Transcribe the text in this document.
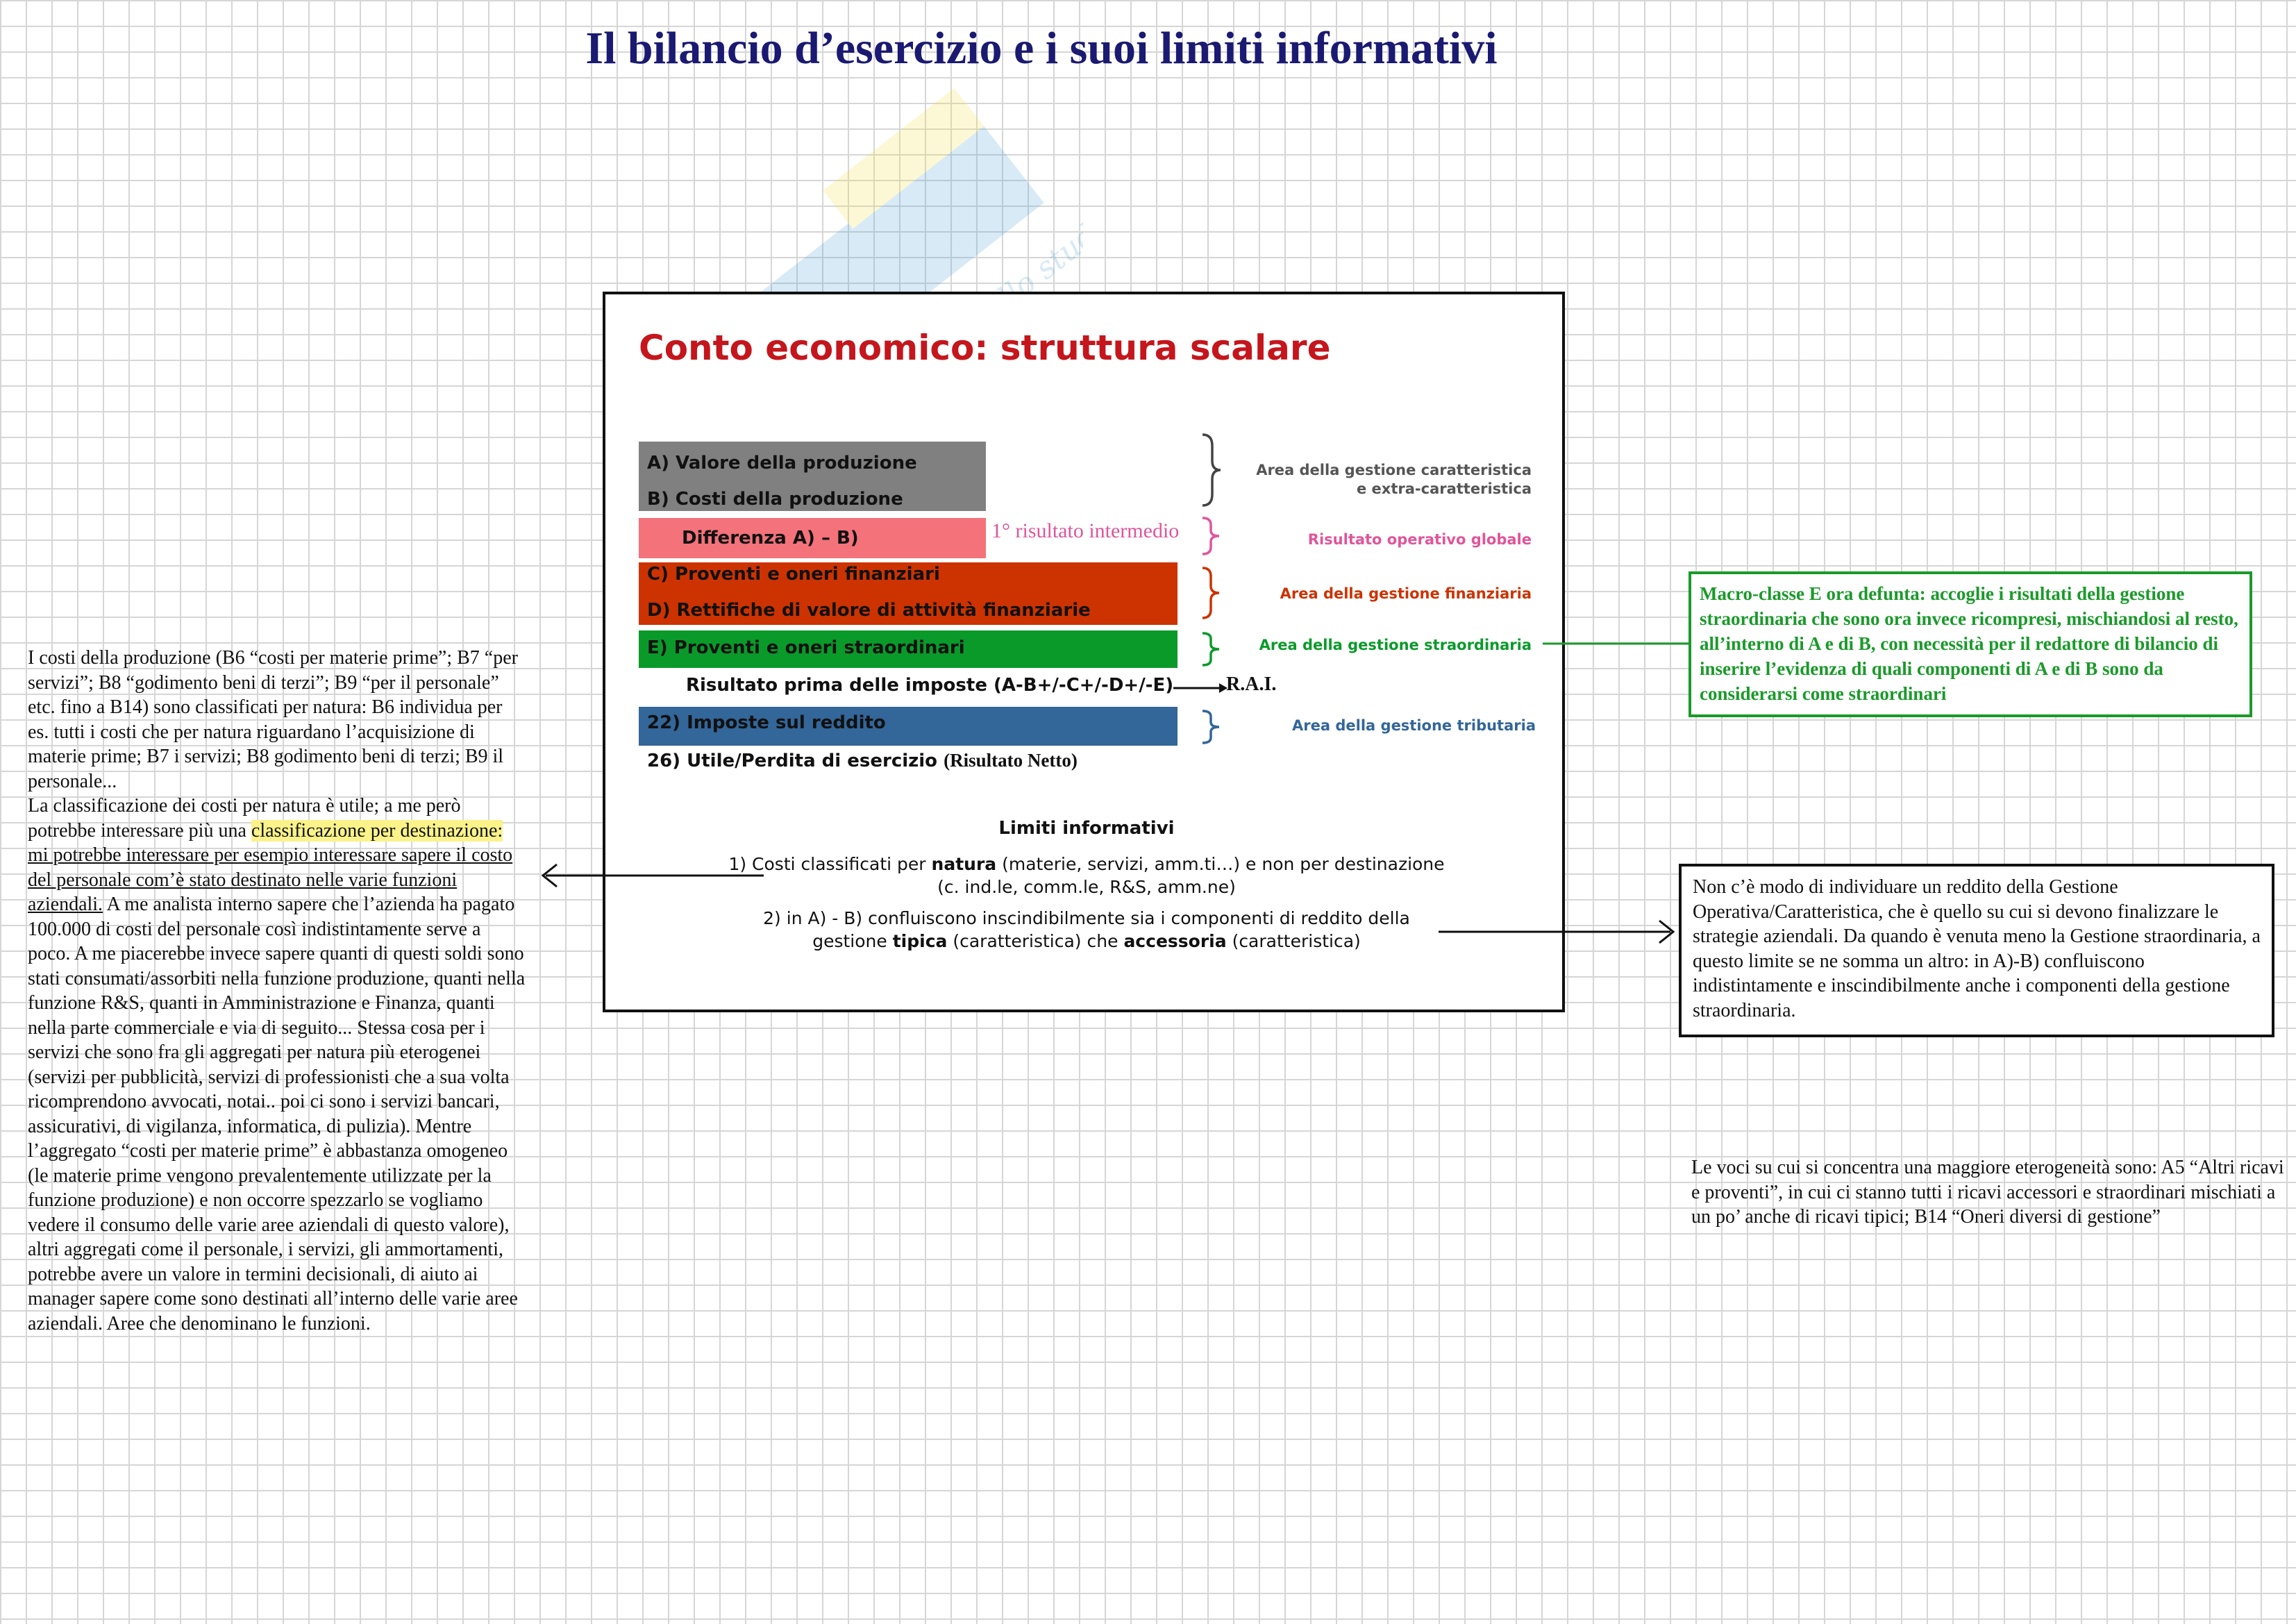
Il bilancio d’esercizio e i suoi limiti informativi
Conto economico: struttura scalare
A) Valore della produzione
B) Costi della produzione
Differenza A) – B)
C) Proventi e oneri finanziari
D) Rettifiche di valore di attività finanziarie
E) Proventi e oneri straordinari
Risultato prima delle imposte (A-B+/-C+/-D+/-E)
22) Imposte sul reddito
26) Utile/Perdita di esercizio (Risultato Netto)
1° risultato intermedio
R.A.I.
Area della gestione caratteristica
e extra-caratteristica
Risultato operativo globale
Area della gestione finanziaria
Area della gestione straordinaria
Area della gestione tributaria
Limiti informativi
1) Costi classificati per natura (materie, servizi, amm.ti…) e non per destinazione
(c. ind.le, comm.le, R&S, amm.ne)
2) in A) - B) confluiscono inscindibilmente sia i componenti di reddito della
gestione tipica (caratteristica) che accessoria (caratteristica)
I costi della produzione (B6 “costi per materie prime”; B7 “per servizi”; B8 “godimento beni di terzi”; B9 “per il personale” etc. fino a B14) sono classificati per natura: B6 individua per es. tutti i costi che per natura riguardano l’acquisizione di materie prime; B7 i servizi; B8 godimento beni di terzi; B9 il personale...
La classificazione dei costi per natura è utile; a me però potrebbe interessare più una classificazione per destinazione: mi potrebbe interessare per esempio interessare sapere il costo del personale com’è stato destinato nelle varie funzioni aziendali. A me analista interno sapere che l’azienda ha pagato 100.000 di costi del personale così indistintamente serve a poco. A me piacerebbe invece sapere quanti di questi soldi sono stati consumati/assorbiti nella funzione produzione, quanti nella funzione R&S, quanti in Amministrazione e Finanza, quanti nella parte commerciale e via di seguito... Stessa cosa per i servizi che sono fra gli aggregati per natura più eterogenei (servizi per pubblicità, servizi di professionisti che a sua volta ricomprendono avvocati, notai.. poi ci sono i servizi bancari, assicurativi, di vigilanza, informatica, di pulizia). Mentre l’aggregato “costi per materie prime” è abbastanza omogeneo (le materie prime vengono prevalentemente utilizzate per la funzione produzione) e non occorre spezzarlo se vogliamo vedere il consumo delle varie aree aziendali di questo valore), altri aggregati come il personale, i servizi, gli ammortamenti, potrebbe avere un valore in termini decisionali, di aiuto ai manager sapere come sono destinati all’interno delle varie aree aziendali. Aree che denominano le funzioni.
Macro-classe E ora defunta: accoglie i risultati della gestione straordinaria che sono ora invece ricompresi, mischiandosi al resto, all’interno di A e di B, con necessità per il redattore di bilancio di inserire l’evidenza di quali componenti di A e di B sono da considerarsi come straordinari
Non c’è modo di individuare un reddito della Gestione Operativa/Caratteristica, che è quello su cui si devono finalizzare le strategie aziendali. Da quando è venuta meno la Gestione straordinaria, a questo limite se ne somma un altro: in A)-B) confluiscono indistintamente e inscindibilmente anche i componenti della gestione straordinaria.
Le voci su cui si concentra una maggiore eterogeneità sono: A5 “Altri ricavi e proventi”, in cui ci stanno tutti i ricavi accessori e straordinari mischiati a un po’ anche di ricavi tipici; B14 “Oneri diversi di gestione”
